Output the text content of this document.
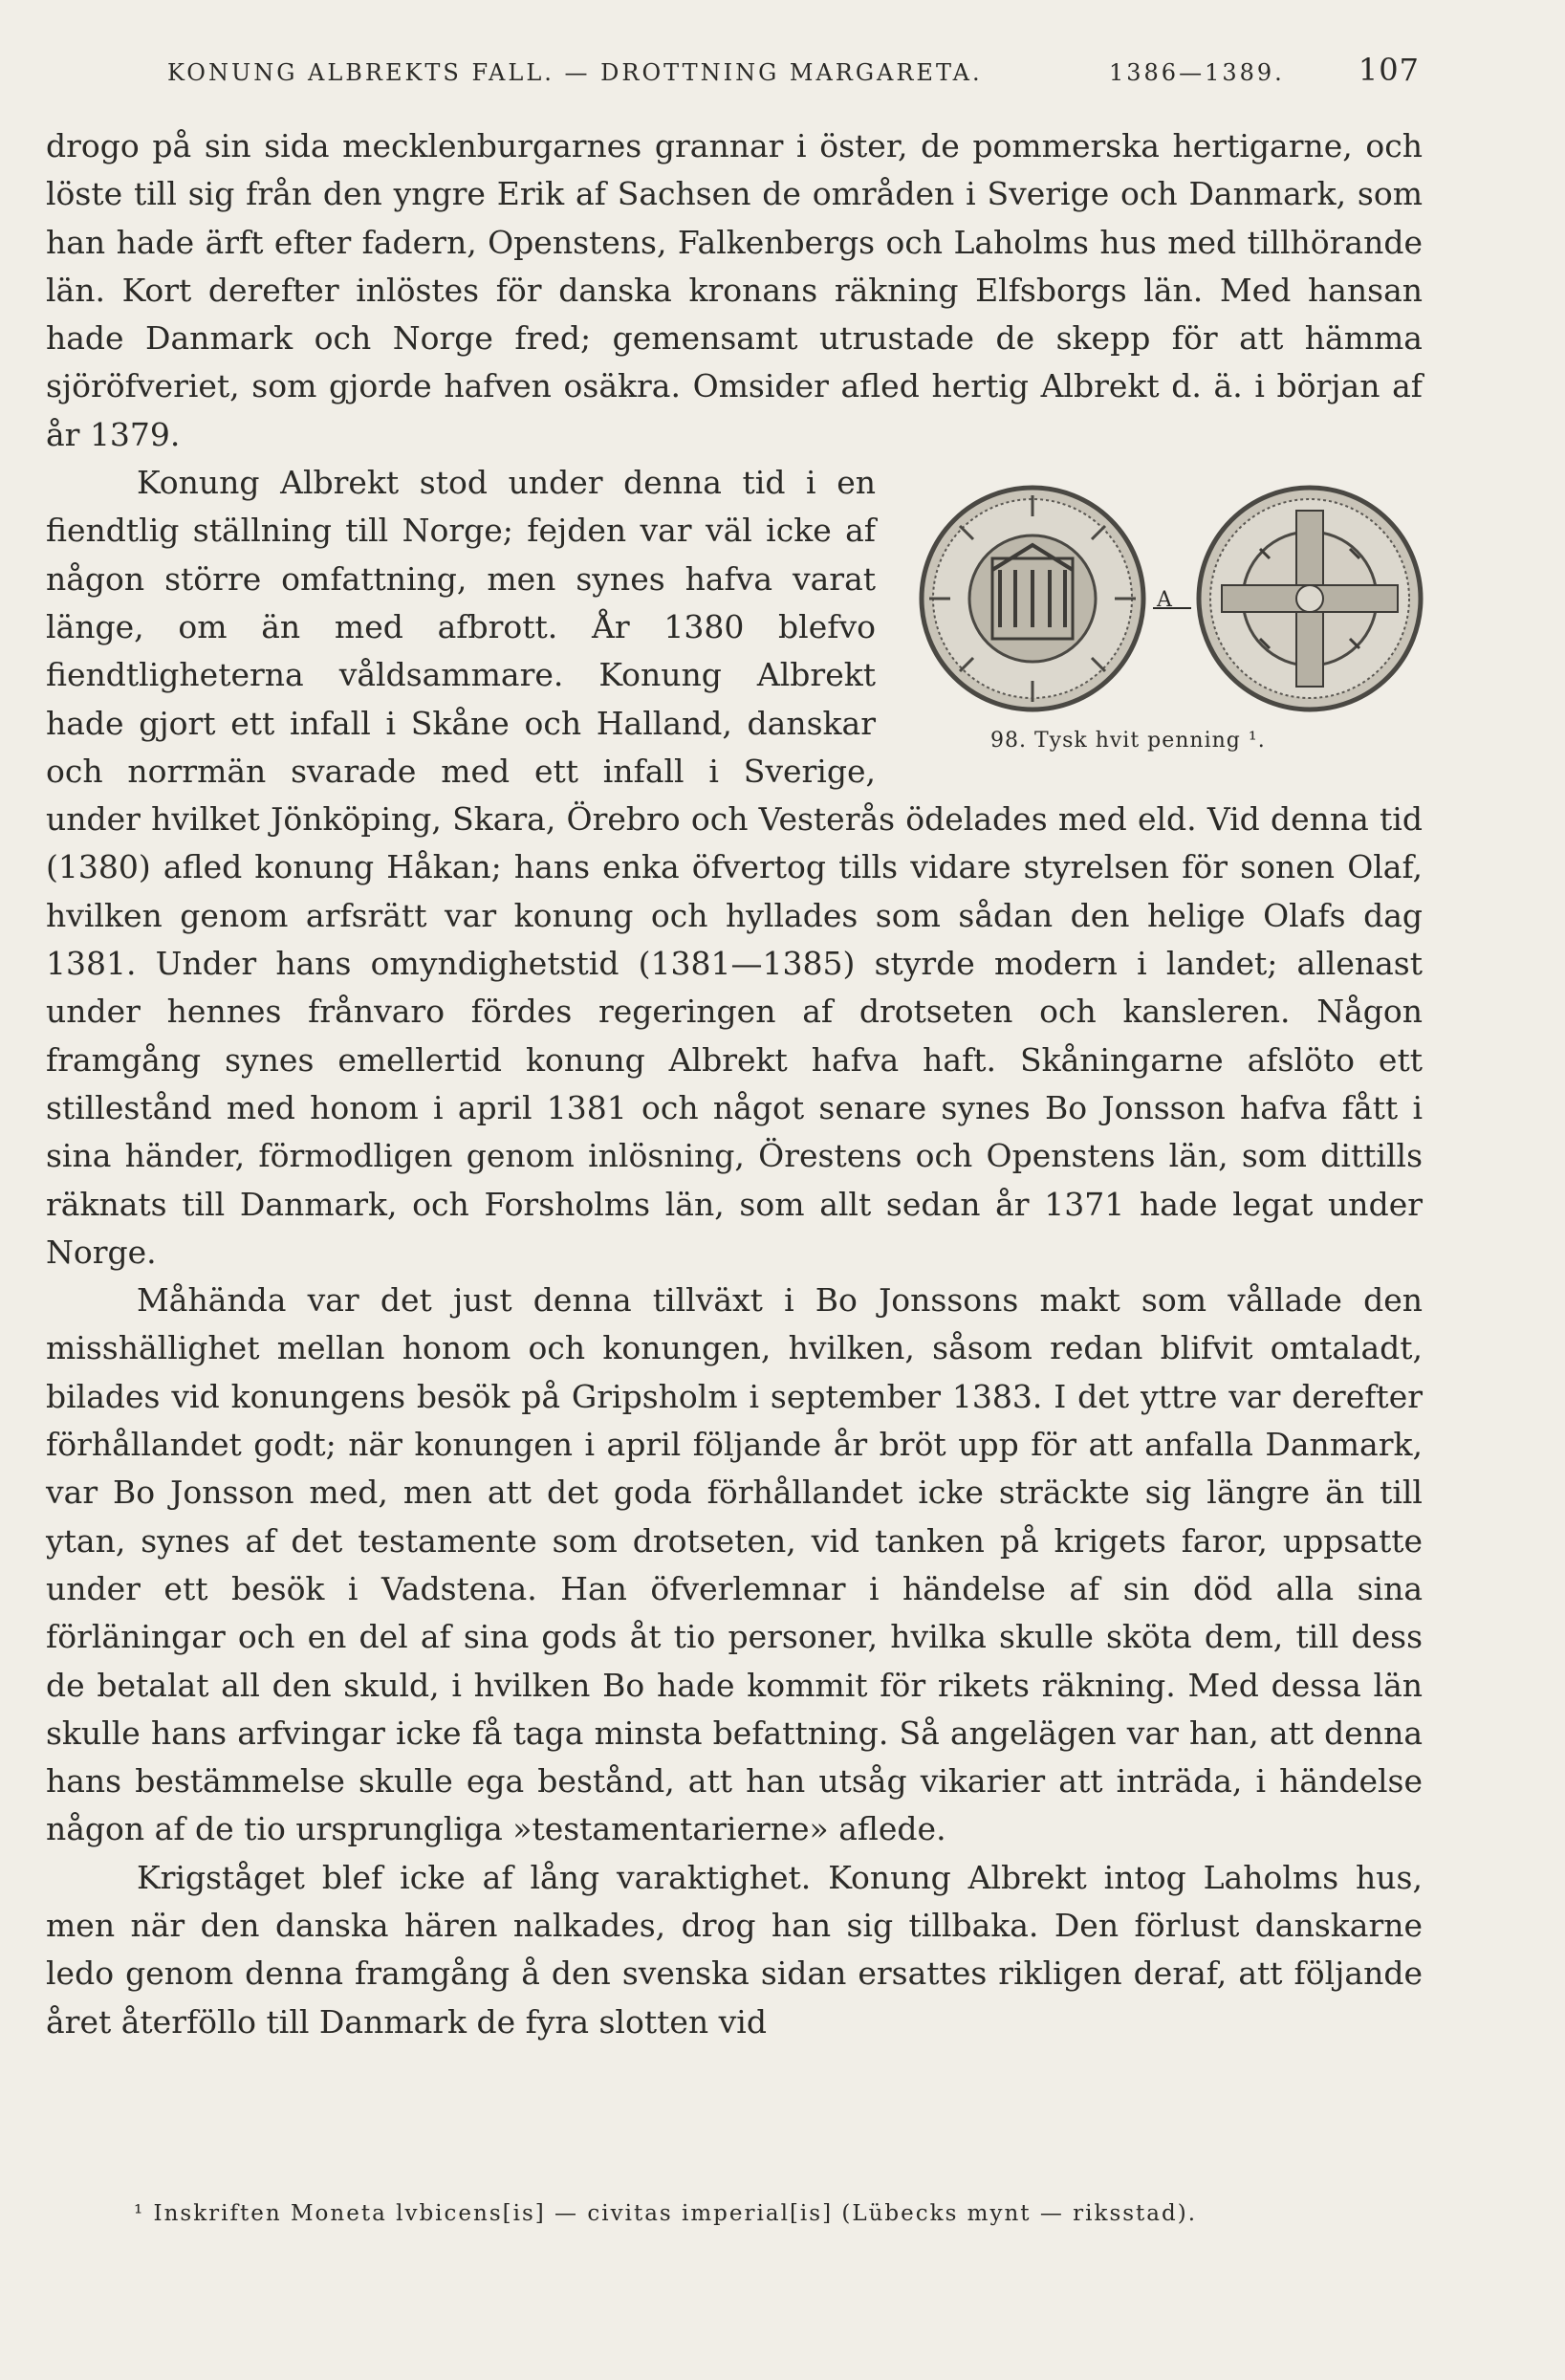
KONUNG ALBREKTS FALL. — DROTTNING MARGARETA.	1386—1389. 107

drogo på sin sida mecklenburgarnes grannar i öster, de pommerska hertigarne, och löste till sig från den yngre Erik af Sachsen de områden i Sverige och Danmark, som han hade ärft efter fadern, Openstens, Falkenbergs och Laholms hus med tillhörande län. Kort derefter inlöstes för danska kronans räkning Elfsborgs län. Med hansan hade Danmark och Norge fred; gemensamt utrustade de skepp för att hämma sjöröfveriet, som gjorde hafven osäkra. Omsider afled hertig Albrekt d. ä. i början af år 1379.

A
98. Tysk hvit penning ¹.

Konung Albrekt stod under denna tid i en fiendtlig ställning till Norge; fejden var väl icke af någon större omfattning, men synes hafva varat länge, om än med afbrott. År 1380 blefvo fiendtligheterna våldsammare. Konung Albrekt hade gjort ett infall i Skåne och Halland, danskar och norrmän svarade med ett infall i Sverige, under hvilket Jönköping, Skara, Örebro och Vesterås ödelades med eld. Vid denna tid (1380) afled konung Håkan; hans enka öfvertog tills vidare styrelsen för sonen Olaf, hvilken genom arfsrätt var konung och hyllades som sådan den helige Olafs dag 1381. Under hans omyndighetstid (1381—1385) styrde modern i landet; allenast under hennes frånvaro fördes regeringen af drotseten och kansleren. Någon framgång synes emellertid konung Albrekt hafva haft. Skåningarne afslöto ett stillestånd med honom i april 1381 och något senare synes Bo Jonsson hafva fått i sina händer, förmodligen genom inlösning, Örestens och Openstens län, som dittills räknats till Danmark, och Forsholms län, som allt sedan år 1371 hade legat under Norge.

Måhända var det just denna tillväxt i Bo Jonssons makt som vållade den misshällighet mellan honom och konungen, hvilken, såsom redan blifvit omtaladt, bilades vid konungens besök på Gripsholm i september 1383. I det yttre var derefter förhållandet godt; när konungen i april följande år bröt upp för att anfalla Danmark, var Bo Jonsson med, men att det goda förhållandet icke sträckte sig längre än till ytan, synes af det testamente som drotseten, vid tanken på krigets faror, uppsatte under ett besök i Vadstena. Han öfverlemnar i händelse af sin död alla sina förläningar och en del af sina gods åt tio personer, hvilka skulle sköta dem, till dess de betalat all den skuld, i hvilken Bo hade kommit för rikets räkning. Med dessa län skulle hans arfvingar icke få taga minsta befattning. Så angelägen var han, att denna hans bestämmelse skulle ega bestånd, att han utsåg vikarier att inträda, i händelse någon af de tio ursprungliga »testamentarierne» aflede.

Krigståget blef icke af lång varaktighet. Konung Albrekt intog Laholms hus, men när den danska hären nalkades, drog han sig tillbaka. Den förlust danskarne ledo genom denna framgång å den svenska sidan ersattes rikligen deraf, att följande året återföllo till Danmark de fyra slotten vid

¹ Inskriften Moneta lvbicens[is] — civitas imperial[is] (Lübecks mynt — riksstad).
